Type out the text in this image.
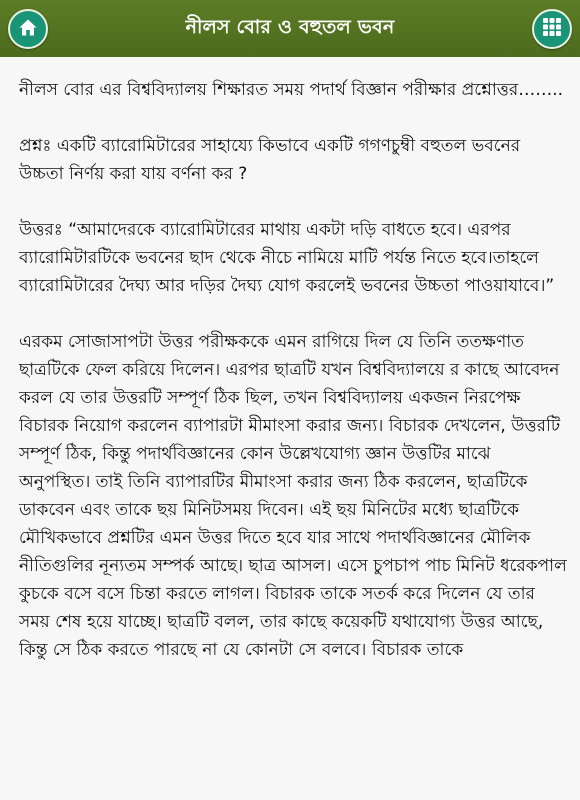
নীলস বোর ও বহুতল ভবন

নীলস বোর এর বিশ্ববিদ্যালয় শিক্ষারত সময় পদার্থ বিজ্ঞান পরীক্ষার প্রশ্নোত্তর……..

প্রশ্নঃ একটি ব্যারোমিটারের সাহায্যে কিভাবে একটি গগণচুম্বী বহুতল ভবনের উচ্চতা নির্ণয় করা যায় বর্ণনা কর ?

উত্তরঃ “আমাদেরকে ব্যারোমিটারের মাথায় একটা দড়ি বাধতে হবে। এরপর ব্যারোমিটারটিকে ভবনের ছাদ থেকে নীচে নামিয়ে মাটি পর্যন্ত নিতে হবে।তাহলে ব্যারোমিটারের দৈঘ্য আর দড়ির দৈঘ্য যোগ করলেই ভবনের উচ্চতা পাওয়াযাবে।”

এরকম সোজাসাপটা উত্তর পরীক্ষককে এমন রাগিয়ে দিল যে তিনি ততক্ষণাত ছাত্রটিকে ফেল করিয়ে দিলেন। এরপর ছাত্রটি যখন বিশ্ববিদ্যালয়ে র কাছে আবেদন করল যে তার উত্তরটি সম্পূর্ণ ঠিক ছিল, তখন বিশ্ববিদ্যালয় একজন নিরপেক্ষ বিচারক নিয়োগ করলেন ব্যাপারটা মীমাংসা করার জন্য। বিচারক দেখলেন, উত্তরটি সম্পূর্ণ ঠিক, কিন্তু পদার্থবিজ্ঞানের কোন উল্লেখযোগ্য জ্ঞান উত্তটির মাঝে অনুপস্থিত। তাই তিনি ব্যাপারটির মীমাংসা করার জন্য ঠিক করলেন, ছাত্রটিকে ডাকবেন এবং তাকে ছয় মিনিটসময় দিবেন। এই ছয় মিনিটের মধ্যে ছাত্রটিকে মৌখিকভাবে প্রশ্নটির এমন উত্তর দিতে হবে যার সাথে পদার্থবিজ্ঞানের মৌলিক নীতিগুলির নূন্যতম সম্পর্ক আছে। ছাত্র আসল। এসে চুপচাপ পাচ মিনিট ধরেকপাল কুচকে বসে বসে চিন্তা করতে লাগল। বিচারক তাকে সতর্ক করে দিলেন যে তার সময় শেষ হয়ে যাচ্ছে। ছাত্রটি বলল, তার কাছে কয়েকটি যথাযোগ্য উত্তর আছে, কিন্তু সে ঠিক করতে পারছে না যে কোনটা সে বলবে। বিচারক তাকে
